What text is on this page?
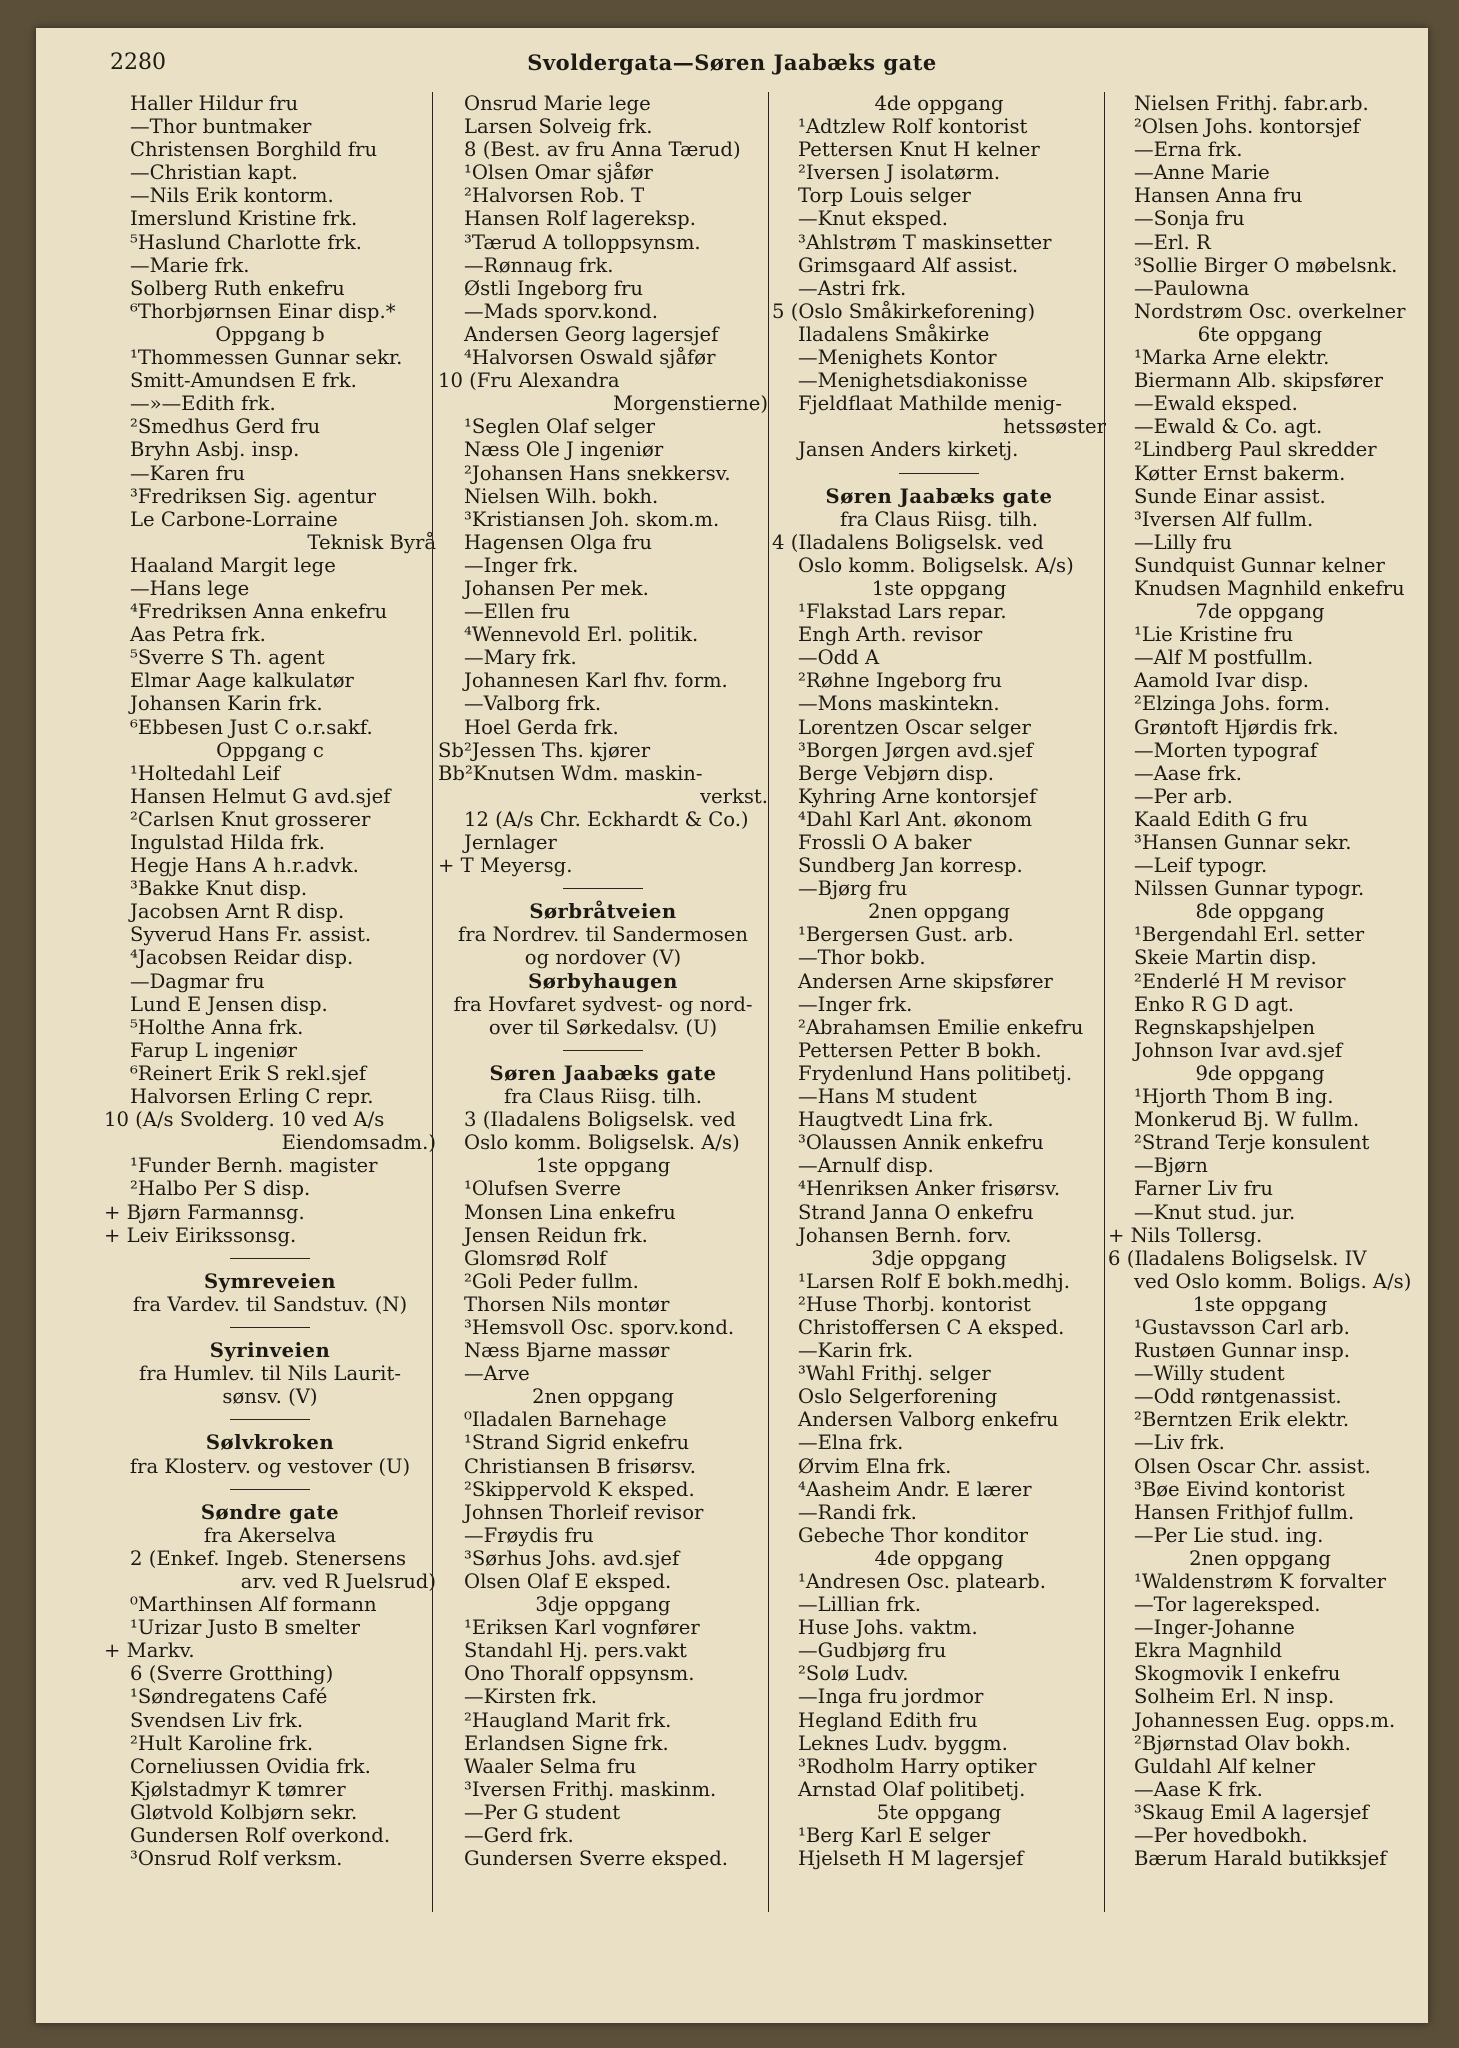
2280	Svoldergata—Søren Jaabæks gate
Haller Hildur fru
—Thor buntmaker
Christensen Borghild fru
—Christian kapt.
—Nils Erik kontorm.
Imerslund Kristine frk.
⁵Haslund Charlotte frk.
—Marie frk.
Solberg Ruth enkefru
⁶Thorbjørnsen Einar disp.*
Oppgang b
¹Thommessen Gunnar sekr.
Smitt-Amundsen E frk.
—»—Edith frk.
²Smedhus Gerd fru
Bryhn Asbj. insp.
—Karen fru
³Fredriksen Sig. agentur
Le Carbone-Lorraine
Teknisk Byrå
Haaland Margit lege
—Hans lege
⁴Fredriksen Anna enkefru
Aas Petra frk.
⁵Sverre S Th. agent
Elmar Aage kalkulatør
Johansen Karin frk.
⁶Ebbesen Just C o.r.sakf.
Oppgang c
¹Holtedahl Leif
Hansen Helmut G avd.sjef
²Carlsen Knut grosserer
Ingulstad Hilda frk.
Hegje Hans A h.r.advk.
³Bakke Knut disp.
Jacobsen Arnt R disp.
Syverud Hans Fr. assist.
⁴Jacobsen Reidar disp.
—Dagmar fru
Lund E Jensen disp.
⁵Holthe Anna frk.
Farup L ingeniør
⁶Reinert Erik S rekl.sjef
Halvorsen Erling C repr.
10 (A/s Svolderg. 10 ved A/s
Eiendomsadm.)
¹Funder Bernh. magister
²Halbo Per S disp.
+ Bjørn Farmannsg.
+ Leiv Eirikssonsg.
Symreveien
fra Vardev. til Sandstuv. (N)
Syrinveien
fra Humlev. til Nils Laurit-
sønsv. (V)
Sølvkroken
fra Klosterv. og vestover (U)
Søndre gate
fra Akerselva
2 (Enkef. Ingeb. Stenersens
arv. ved R Juelsrud)
⁰Marthinsen Alf formann
¹Urizar Justo B smelter
+ Markv.
6 (Sverre Grotthing)
¹Søndregatens Café
Svendsen Liv frk.
²Hult Karoline frk.
Corneliussen Ovidia frk.
Kjølstadmyr K tømrer
Gløtvold Kolbjørn sekr.
Gundersen Rolf overkond.
³Onsrud Rolf verksm.
Onsrud Marie lege
Larsen Solveig frk.
8 (Best. av fru Anna Tærud)
¹Olsen Omar sjåfør
²Halvorsen Rob. T
Hansen Rolf lagereksp.
³Tærud A tolloppsynsm.
—Rønnaug frk.
Østli Ingeborg fru
—Mads sporv.kond.
Andersen Georg lagersjef
⁴Halvorsen Oswald sjåfør
10 (Fru Alexandra
Morgenstierne)
¹Seglen Olaf selger
Næss Ole J ingeniør
²Johansen Hans snekkersv.
Nielsen Wilh. bokh.
³Kristiansen Joh. skom.m.
Hagensen Olga fru
—Inger frk.
Johansen Per mek.
—Ellen fru
⁴Wennevold Erl. politik.
—Mary frk.
Johannesen Karl fhv. form.
—Valborg frk.
Hoel Gerda frk.
Sb²Jessen Ths. kjører
Bb²Knutsen Wdm. maskin-
verkst.
12 (A/s Chr. Eckhardt & Co.)
Jernlager
+ T Meyersg.
Sørbråtveien
fra Nordrev. til Sandermosen
og nordover (V)
Sørbyhaugen
fra Hovfaret sydvest- og nord-
over til Sørkedalsv. (U)
Søren Jaabæks gate
fra Claus Riisg. tilh.
3 (Iladalens Boligselsk. ved
Oslo komm. Boligselsk. A/s)
1ste oppgang
¹Olufsen Sverre
Monsen Lina enkefru
Jensen Reidun frk.
Glomsrød Rolf
²Goli Peder fullm.
Thorsen Nils montør
³Hemsvoll Osc. sporv.kond.
Næss Bjarne massør
—Arve
2nen oppgang
⁰Iladalen Barnehage
¹Strand Sigrid enkefru
Christiansen B frisørsv.
²Skippervold K eksped.
Johnsen Thorleif revisor
—Frøydis fru
³Sørhus Johs. avd.sjef
Olsen Olaf E eksped.
3dje oppgang
¹Eriksen Karl vognfører
Standahl Hj. pers.vakt
Ono Thoralf oppsynsm.
—Kirsten frk.
²Haugland Marit frk.
Erlandsen Signe frk.
Waaler Selma fru
³Iversen Frithj. maskinm.
—Per G student
—Gerd frk.
Gundersen Sverre eksped.
4de oppgang
¹Adtzlew Rolf kontorist
Pettersen Knut H kelner
²Iversen J isolatørm.
Torp Louis selger
—Knut eksped.
³Ahlstrøm T maskinsetter
Grimsgaard Alf assist.
—Astri frk.
5 (Oslo Småkirkeforening)
Iladalens Småkirke
—Menighets Kontor
—Menighetsdiakonisse
Fjeldflaat Mathilde menig-
hetssøster
Jansen Anders kirketj.
Søren Jaabæks gate
fra Claus Riisg. tilh.
4 (Iladalens Boligselsk. ved
Oslo komm. Boligselsk. A/s)
1ste oppgang
¹Flakstad Lars repar.
Engh Arth. revisor
—Odd A
²Røhne Ingeborg fru
—Mons maskintekn.
Lorentzen Oscar selger
³Borgen Jørgen avd.sjef
Berge Vebjørn disp.
Kyhring Arne kontorsjef
⁴Dahl Karl Ant. økonom
Frossli O A baker
Sundberg Jan korresp.
—Bjørg fru
2nen oppgang
¹Bergersen Gust. arb.
—Thor bokb.
Andersen Arne skipsfører
—Inger frk.
²Abrahamsen Emilie enkefru
Pettersen Petter B bokh.
Frydenlund Hans politibetj.
—Hans M student
Haugtvedt Lina frk.
³Olaussen Annik enkefru
—Arnulf disp.
⁴Henriksen Anker frisørsv.
Strand Janna O enkefru
Johansen Bernh. forv.
3dje oppgang
¹Larsen Rolf E bokh.medhj.
²Huse Thorbj. kontorist
Christoffersen C A eksped.
—Karin frk.
³Wahl Frithj. selger
Oslo Selgerforening
Andersen Valborg enkefru
—Elna frk.
Ørvim Elna frk.
⁴Aasheim Andr. E lærer
—Randi frk.
Gebeche Thor konditor
4de oppgang
¹Andresen Osc. platearb.
—Lillian frk.
Huse Johs. vaktm.
—Gudbjørg fru
²Solø Ludv.
—Inga fru jordmor
Hegland Edith fru
Leknes Ludv. byggm.
³Rodholm Harry optiker
Arnstad Olaf politibetj.
5te oppgang
¹Berg Karl E selger
Hjelseth H M lagersjef
Nielsen Frithj. fabr.arb.
²Olsen Johs. kontorsjef
—Erna frk.
—Anne Marie
Hansen Anna fru
—Sonja fru
—Erl. R
³Sollie Birger O møbelsnk.
—Paulowna
Nordstrøm Osc. overkelner
6te oppgang
¹Marka Arne elektr.
Biermann Alb. skipsfører
—Ewald eksped.
—Ewald & Co. agt.
²Lindberg Paul skredder
Køtter Ernst bakerm.
Sunde Einar assist.
³Iversen Alf fullm.
—Lilly fru
Sundquist Gunnar kelner
Knudsen Magnhild enkefru
7de oppgang
¹Lie Kristine fru
—Alf M postfullm.
Aamold Ivar disp.
²Elzinga Johs. form.
Grøntoft Hjørdis frk.
—Morten typograf
—Aase frk.
—Per arb.
Kaald Edith G fru
³Hansen Gunnar sekr.
—Leif typogr.
Nilssen Gunnar typogr.
8de oppgang
¹Bergendahl Erl. setter
Skeie Martin disp.
²Enderlé H M revisor
Enko R G D agt.
Regnskapshjelpen
Johnson Ivar avd.sjef
9de oppgang
¹Hjorth Thom B ing.
Monkerud Bj. W fullm.
²Strand Terje konsulent
—Bjørn
Farner Liv fru
—Knut stud. jur.
+ Nils Tollersg.
6 (Iladalens Boligselsk. IV
ved Oslo komm. Boligs. A/s)
1ste oppgang
¹Gustavsson Carl arb.
Rustøen Gunnar insp.
—Willy student
—Odd røntgenassist.
²Berntzen Erik elektr.
—Liv frk.
Olsen Oscar Chr. assist.
³Bøe Eivind kontorist
Hansen Frithjof fullm.
—Per Lie stud. ing.
2nen oppgang
¹Waldenstrøm K forvalter
—Tor lagereksped.
—Inger-Johanne
Ekra Magnhild
Skogmovik I enkefru
Solheim Erl. N insp.
Johannessen Eug. opps.m.
²Bjørnstad Olav bokh.
Guldahl Alf kelner
—Aase K frk.
³Skaug Emil A lagersjef
—Per hovedbokh.
Bærum Harald butikksjef
